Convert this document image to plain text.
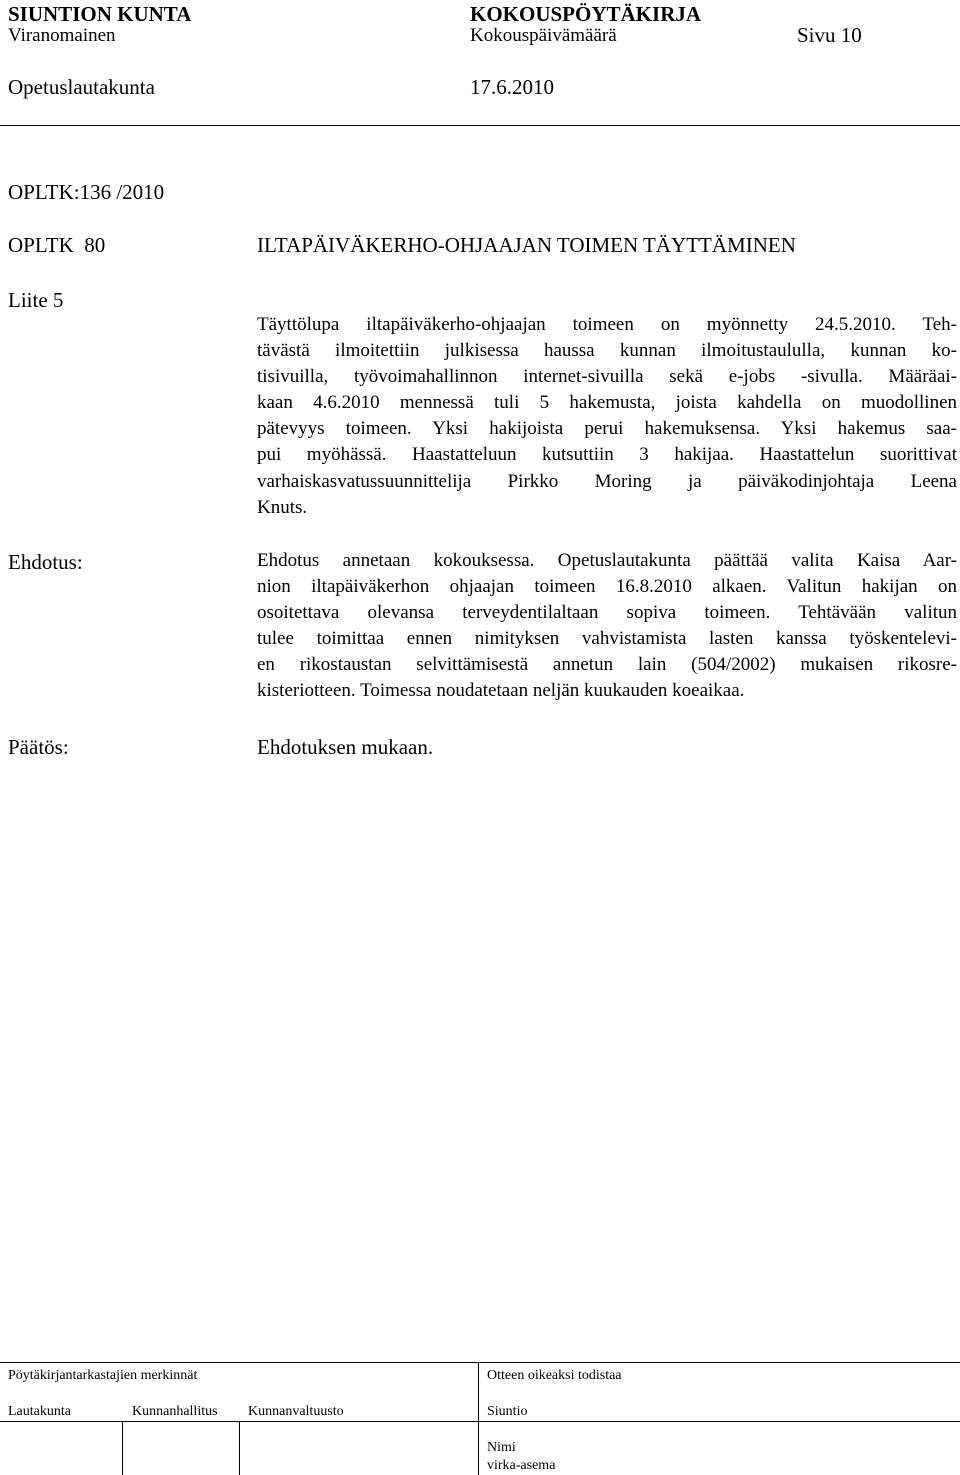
SIUNTION KUNTA	KOKOUSPÖYTÄKIRJA
Viranomainen	Kokouspäivämäärä	Sivu 10
Opetuslautakunta	17.6.2010
OPLTK:136 /2010
OPLTK  80	ILTAPÄIVÄKERHO-OHJAAJAN TOIMEN TÄYTTÄMINEN
Liite 5
Täyttölupa iltapäiväkerho-ohjaajan toimeen on myönnetty 24.5.2010. Teh-
tävästä ilmoitettiin julkisessa haussa kunnan ilmoitustaululla, kunnan ko-
tisivuilla, työvoimahallinnon internet-sivuilla sekä e-jobs -sivulla. Määräai-
kaan 4.6.2010 mennessä tuli 5 hakemusta, joista kahdella on muodollinen
pätevyys toimeen. Yksi hakijoista perui hakemuksensa. Yksi hakemus saa-
pui myöhässä. Haastatteluun kutsuttiin 3 hakijaa. Haastattelun suorittivat
varhaiskasvatussuunnittelija Pirkko Moring ja päiväkodinjohtaja Leena
Knuts.
Ehdotus:	Ehdotus annetaan kokouksessa. Opetuslautakunta päättää valita Kaisa Aar-
nion iltapäiväkerhon ohjaajan toimeen 16.8.2010 alkaen. Valitun hakijan on
osoitettava olevansa terveydentilaltaan sopiva toimeen. Tehtävään valitun
tulee toimittaa ennen nimityksen vahvistamista lasten kanssa työskentelevi-
en rikostaustan selvittämisestä annetun lain (504/2002) mukaisen rikosre-
kisteriotteen. Toimessa noudatetaan neljän kuukauden koeaikaa.
Päätös:	Ehdotuksen mukaan.
Pöytäkirjantarkastajien merkinnät	Otteen oikeaksi todistaa
Lautakunta	Kunnanhallitus Kunnanvaltuusto	Siuntio
Nimi
virka-asema
